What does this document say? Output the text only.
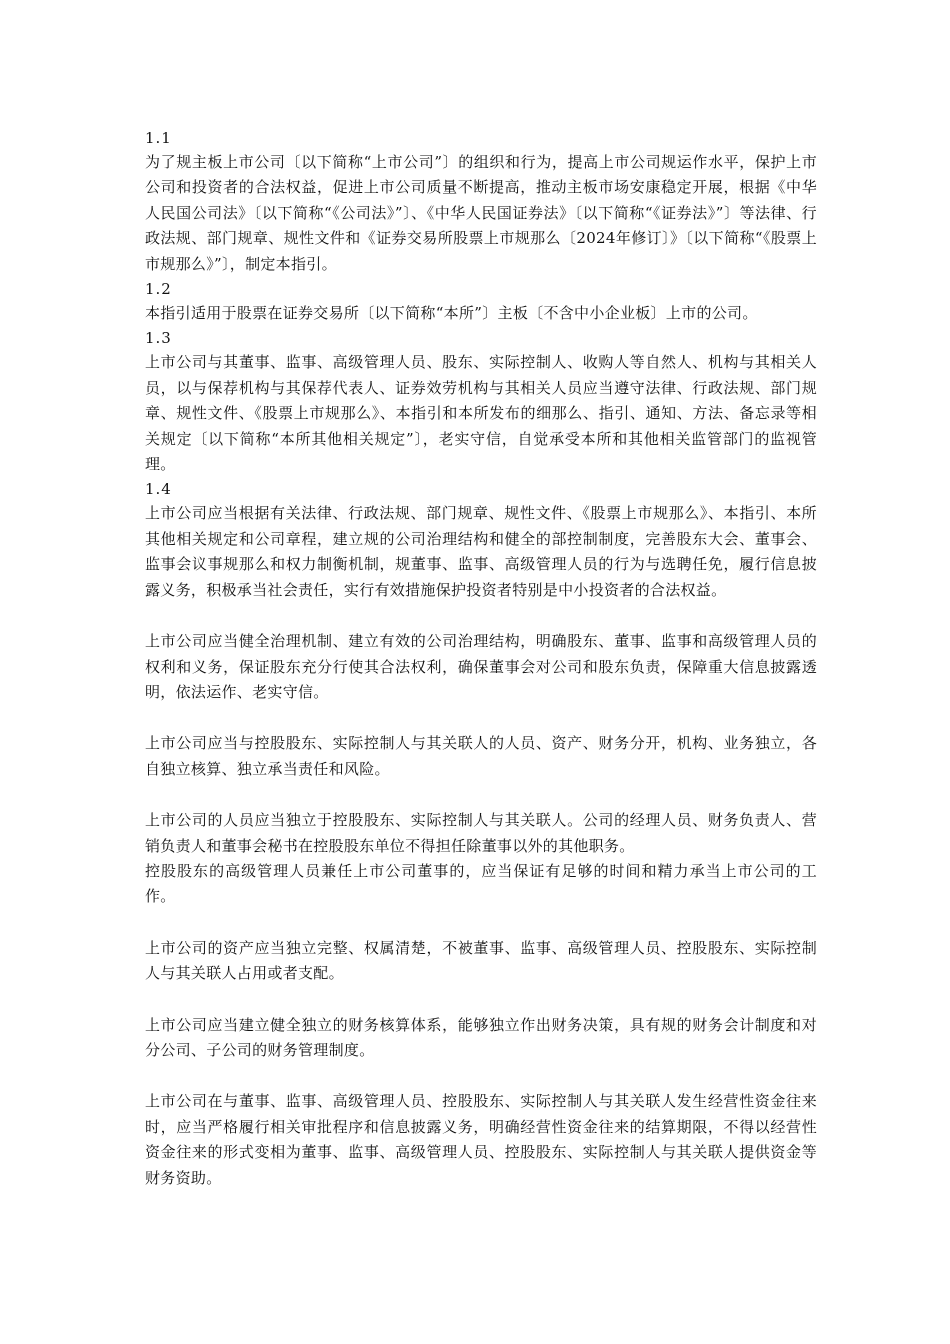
1.1

为了规主板上市公司〔以下简称“上市公司”〕的组织和行为，提高上市公司规运作水平，保护上市公司和投资者的合法权益，促进上市公司质量不断提高，推动主板市场安康稳定开展，根据《中华人民国公司法》〔以下简称“《公司法》”〕、《中华人民国证券法》〔以下简称“《证券法》”〕等法律、行政法规、部门规章、规性文件和《证券交易所股票上市规那么〔2024年修订〕》〔以下简称“《股票上市规那么》”〕，制定本指引。

1.2

本指引适用于股票在证券交易所〔以下简称“本所”〕主板〔不含中小企业板〕上市的公司。

1.3

上市公司与其董事、监事、高级管理人员、股东、实际控制人、收购人等自然人、机构与其相关人员，以与保荐机构与其保荐代表人、证券效劳机构与其相关人员应当遵守法律、行政法规、部门规章、规性文件、《股票上市规那么》、本指引和本所发布的细那么、指引、通知、方法、备忘录等相关规定〔以下简称“本所其他相关规定”〕，老实守信，自觉承受本所和其他相关监管部门的监视管理。

1.4

上市公司应当根据有关法律、行政法规、部门规章、规性文件、《股票上市规那么》、本指引、本所其他相关规定和公司章程，建立规的公司治理结构和健全的部控制制度，完善股东大会、董事会、监事会议事规那么和权力制衡机制，规董事、监事、高级管理人员的行为与选聘任免，履行信息披露义务，积极承当社会责任，实行有效措施保护投资者特别是中小投资者的合法权益。

上市公司应当健全治理机制、建立有效的公司治理结构，明确股东、董事、监事和高级管理人员的权利和义务，保证股东充分行使其合法权利，确保董事会对公司和股东负责，保障重大信息披露透明，依法运作、老实守信。

上市公司应当与控股股东、实际控制人与其关联人的人员、资产、财务分开，机构、业务独立，各自独立核算、独立承当责任和风险。

上市公司的人员应当独立于控股股东、实际控制人与其关联人。公司的经理人员、财务负责人、营销负责人和董事会秘书在控股股东单位不得担任除董事以外的其他职务。

控股股东的高级管理人员兼任上市公司董事的，应当保证有足够的时间和精力承当上市公司的工作。

上市公司的资产应当独立完整、权属清楚，不被董事、监事、高级管理人员、控股股东、实际控制人与其关联人占用或者支配。

上市公司应当建立健全独立的财务核算体系，能够独立作出财务决策，具有规的财务会计制度和对分公司、子公司的财务管理制度。

上市公司在与董事、监事、高级管理人员、控股股东、实际控制人与其关联人发生经营性资金往来时，应当严格履行相关审批程序和信息披露义务，明确经营性资金往来的结算期限，不得以经营性资金往来的形式变相为董事、监事、高级管理人员、控股股东、实际控制人与其关联人提供资金等财务资助。
